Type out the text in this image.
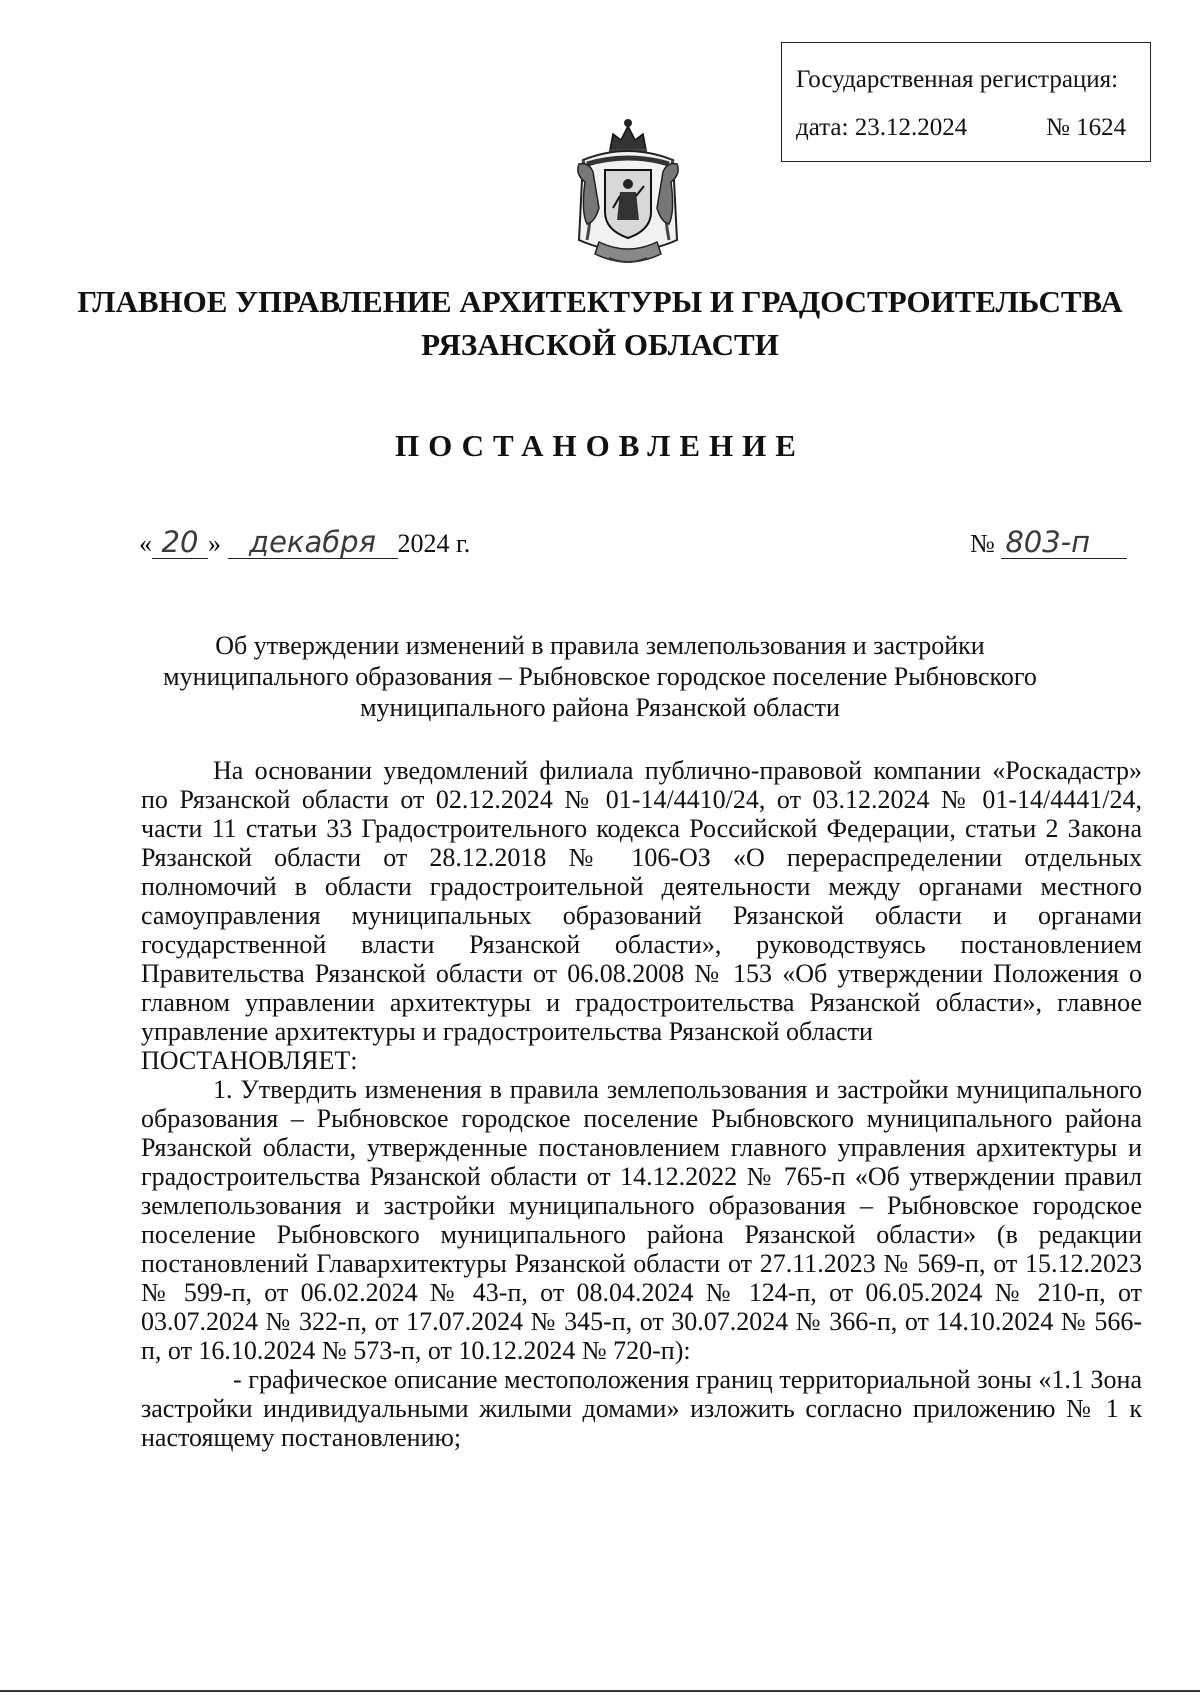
Государственная регистрация:
дата: 23.12.2024	№ 1624
ГЛАВНОЕ УПРАВЛЕНИЕ АРХИТЕКТУРЫ И ГРАДОСТРОИТЕЛЬСТВА
РЯЗАНСКОЙ ОБЛАСТИ
ПОСТАНОВЛЕНИЕ
« 20 » декабря 2024 г.	№ 803-п
Об утверждении изменений в правила землепользования и застройки
муниципального образования – Рыбновское городское поселение Рыбновского
муниципального района Рязанской области

На основании уведомлений филиала публично-правовой компании «Роскадастр» по Рязанской области от 02.12.2024 № 01-14/4410/24, от 03.12.2024 № 01-14/4441/24, части 11 статьи 33 Градостроительного кодекса Российской Федерации, статьи 2 Закона Рязанской области от 28.12.2018 № 106-ОЗ «О перераспределении отдельных полномочий в области градостроительной деятельности между органами местного самоуправления муниципальных образований Рязанской области и органами государственной власти Рязанской области», руководствуясь постановлением Правительства Рязанской области от 06.08.2008 № 153 «Об утверждении Положения о главном управлении архитектуры и градостроительства Рязанской области», главное управление архитектуры и градостроительства Рязанской области

ПОСТАНОВЛЯЕТ:

1. Утвердить изменения в правила землепользования и застройки муниципального образования – Рыбновское городское поселение Рыбновского муниципального района Рязанской области, утвержденные постановлением главного управления архитектуры и градостроительства Рязанской области от 14.12.2022 № 765-п «Об утверждении правил землепользования и застройки муниципального образования – Рыбновское городское поселение Рыбновского муниципального района Рязанской области» (в редакции постановлений Главархитектуры Рязанской области от 27.11.2023 № 569-п, от 15.12.2023 № 599-п, от 06.02.2024 № 43-п, от 08.04.2024 № 124-п, от 06.05.2024 № 210-п, от 03.07.2024 № 322-п, от 17.07.2024 № 345-п, от 30.07.2024 № 366-п, от 14.10.2024 № 566-п, от 16.10.2024 № 573-п, от 10.12.2024 № 720-п):

- графическое описание местоположения границ территориальной зоны «1.1 Зона застройки индивидуальными жилыми домами» изложить согласно приложению № 1 к настоящему постановлению;
